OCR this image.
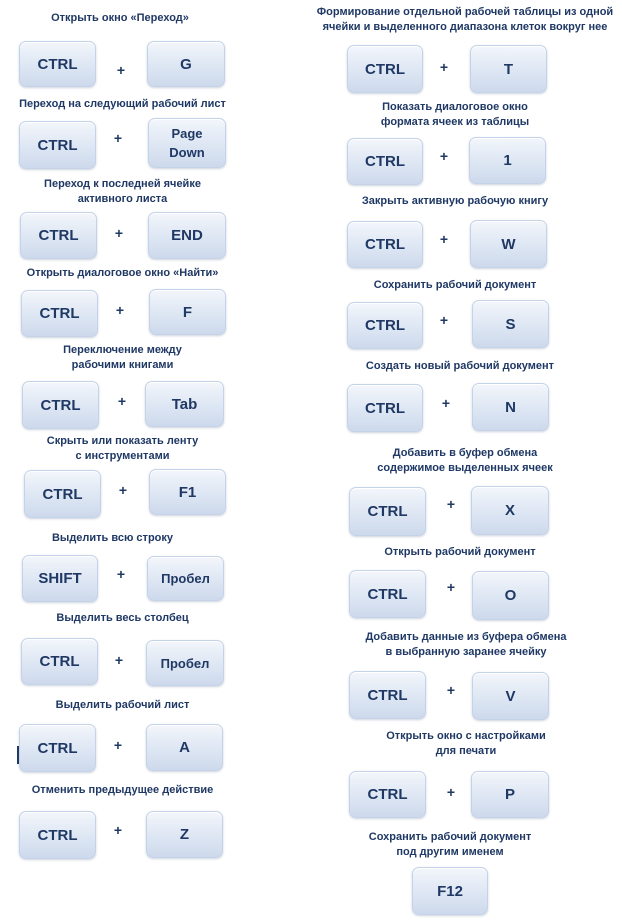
Открыть окно «Переход»
CTRL	+	G
Переход на следующий рабочий лист
CTRL	+	Page
Down
Переход к последней ячейке
активного листа
CTRL	+	END
Открыть диалоговое окно «Найти»
CTRL	+	F
Переключение между
рабочими книгами
CTRL	+	Tab
Скрыть или показать ленту
с инструментами
CTRL	+	F1
Выделить всю строку
SHIFT	+	Пробел
Выделить весь столбец
CTRL	+	Пробел
Выделить рабочий лист
CTRL	+	A
Отменить предыдущее действие
CTRL	+	Z
Формирование отдельной рабочей таблицы из одной
ячейки и выделенного диапазона клеток вокруг нее
CTRL	+	T
Показать диалоговое окно
формата ячеек из таблицы
CTRL	+	1
Закрыть активную рабочую книгу
CTRL	+	W
Сохранить рабочий документ
CTRL	+	S
Создать новый рабочий документ
CTRL	+	N
Добавить в буфер обмена
содержимое выделенных ячеек
CTRL	+	X
Открыть рабочий документ
CTRL	+	O
Добавить данные из буфера обмена
в выбранную заранее ячейку
CTRL	+	V
Открыть окно с настройками
для печати
CTRL	+	P
Сохранить рабочий документ
под другим именем
F12
